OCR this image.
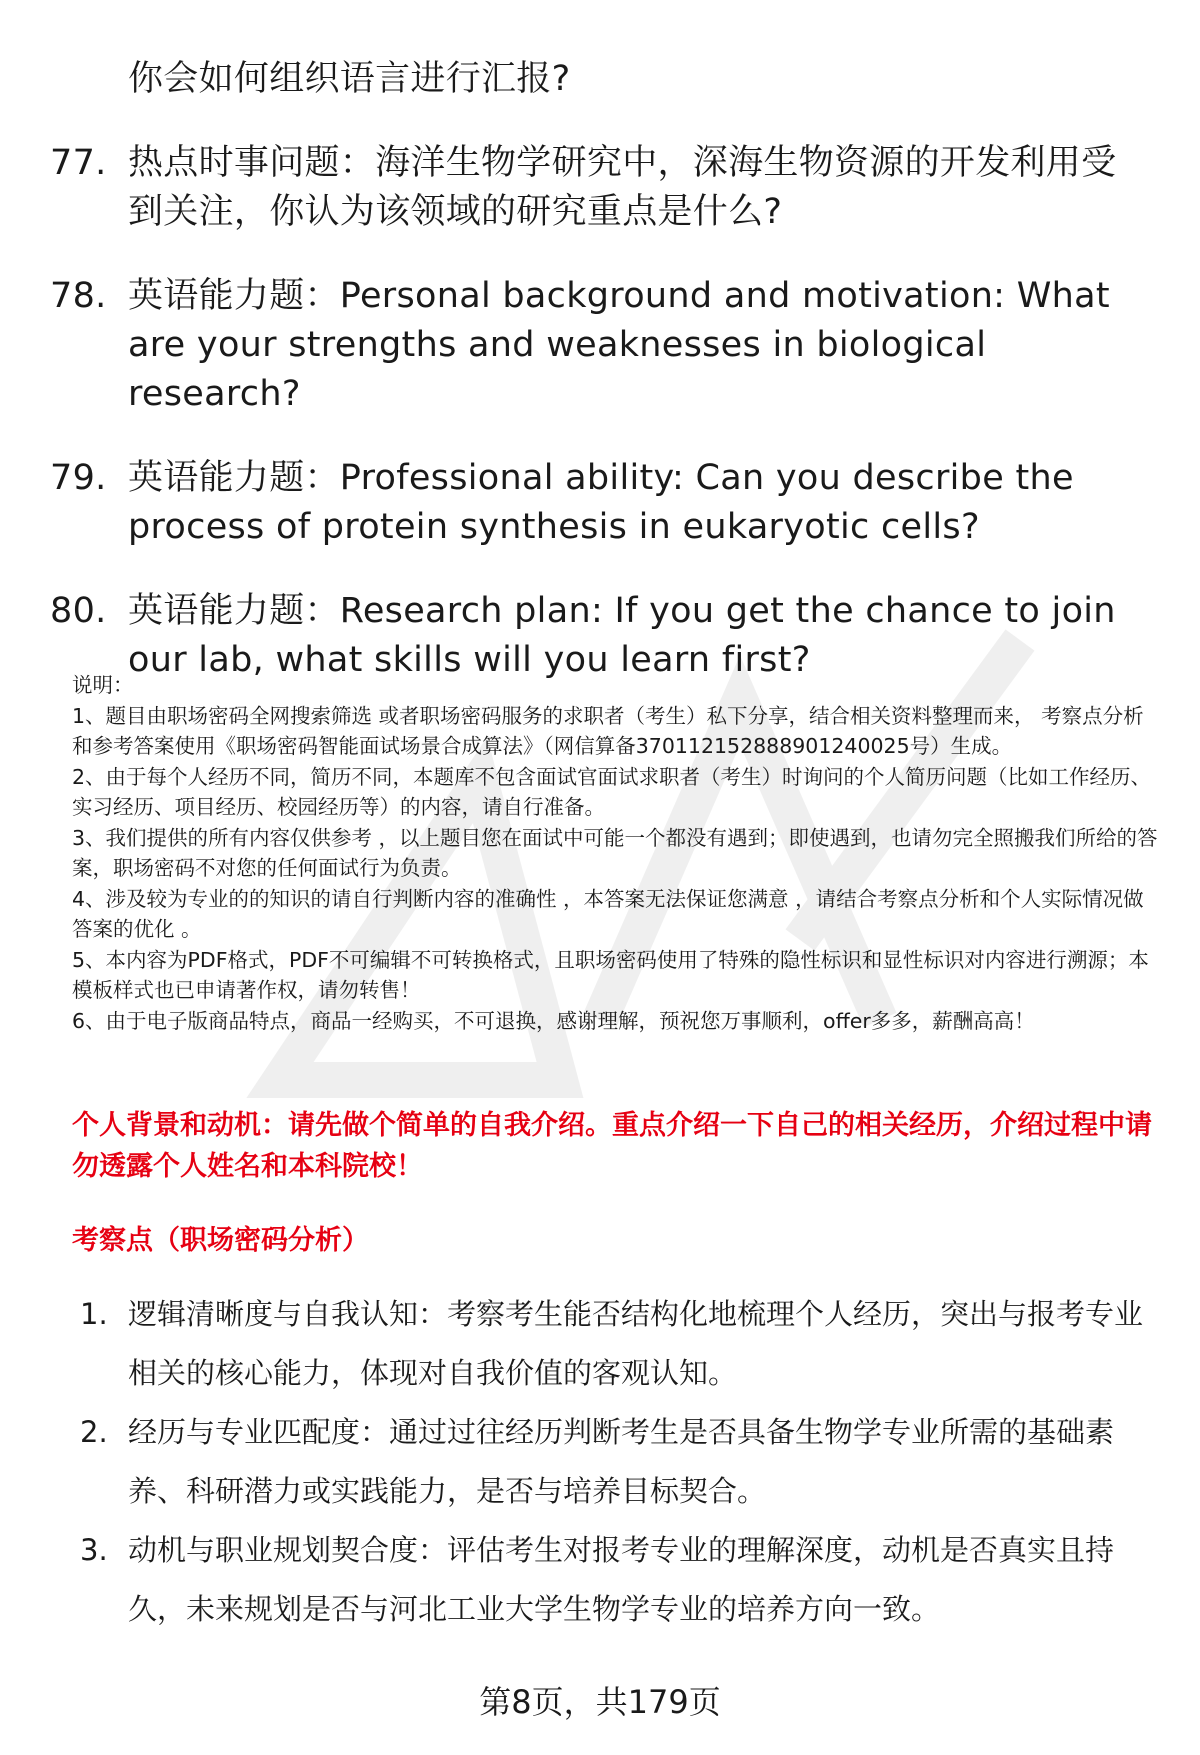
你会如何组织语言进行汇报?
77. 热点时事问题：海洋生物学研究中，深海生物资源的开发利用受到关注，你认为该领域的研究重点是什么?
78. 英语能力题：Personal background and motivation: What are your strengths and weaknesses in biological research?
79. 英语能力题：Professional ability: Can you describe the process of protein synthesis in eukaryotic cells?
80. 英语能力题：Research plan: If you get the chance to join our lab, what skills will you learn first?

说明：

1、题目由职场密码全网搜索筛选 或者职场密码服务的求职者（考生）私下分享，结合相关资料整理而来， 考察点分析和参考答案使用《职场密码智能面试场景合成算法》（网信算备370112152888901240025号）生成。

2、由于每个人经历不同，简历不同，本题库不包含面试官面试求职者（考生）时询问的个人简历问题（比如工作经历、实习经历、项目经历、校园经历等）的内容，请自行准备。

3、我们提供的所有内容仅供参考 ，以上题目您在面试中可能一个都没有遇到；即使遇到，也请勿完全照搬我们所给的答案，职场密码不对您的任何面试行为负责。

4、涉及较为专业的的知识的请自行判断内容的准确性 ，本答案无法保证您满意 ，请结合考察点分析和个人实际情况做答案的优化 。

5、本内容为PDF格式，PDF不可编辑不可转换格式，且职场密码使用了特殊的隐性标识和显性标识对内容进行溯源；本模板样式也已申请著作权，请勿转售！

6、由于电子版商品特点，商品一经购买，不可退换，感谢理解，预祝您万事顺利，offer多多，薪酬高高！

个人背景和动机：请先做个简单的自我介绍。重点介绍一下自己的相关经历，介绍过程中请勿透露个人姓名和本科院校！
考察点（职场密码分析）
1. 逻辑清晰度与自我认知：考察考生能否结构化地梳理个人经历，突出与报考专业相关的核心能力，体现对自我价值的客观认知。
2. 经历与专业匹配度：通过过往经历判断考生是否具备生物学专业所需的基础素养、科研潜力或实践能力，是否与培养目标契合。
3. 动机与职业规划契合度：评估考生对报考专业的理解深度，动机是否真实且持久，未来规划是否与河北工业大学生物学专业的培养方向一致。
第8页，共179页
